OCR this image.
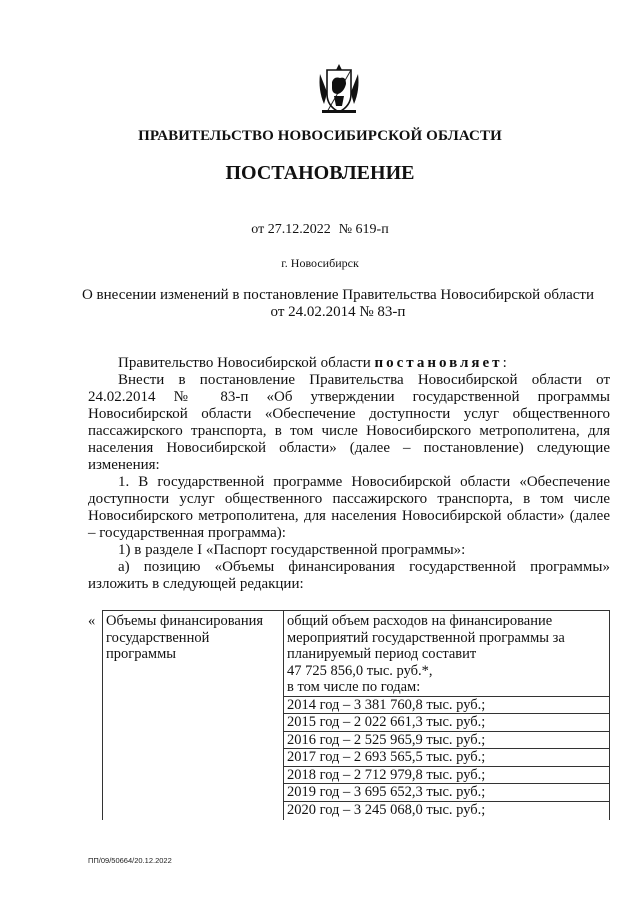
ПРАВИТЕЛЬСТВО НОВОСИБИРСКОЙ ОБЛАСТИ
ПОСТАНОВЛЕНИЕ
от 27.12.2022 № 619-п
г. Новосибирск
О внесении изменений в постановление Правительства Новосибирской области
от 24.02.2014 № 83-п

Правительство Новосибирской области постановляет:

Внести в постановление Правительства Новосибирской области от 24.02.2014 № 83-п «Об утверждении государственной программы Новосибирской области «Обеспечение доступности услуг общественного пассажирского транспорта, в том числе Новосибирского метрополитена, для населения Новосибирской области» (далее – постановление) следующие изменения:

1. В государственной программе Новосибирской области «Обеспечение доступности услуг общественного пассажирского транспорта, в том числе Новосибирского метрополитена, для населения Новосибирской области» (далее – государственная программа):

1) в разделе I «Паспорт государственной программы»:

а) позицию «Объемы финансирования государственной программы» изложить в следующей редакции:

«	Объемы финансирования государственной программы	общий объем расходов на финансирование мероприятий государственной программы за планируемый период составит
47 725 856,0 тыс. руб.*,
в том числе по годам:
2014 год – 3 381 760,8 тыс. руб.;
2015 год – 2 022 661,3 тыс. руб.;
2016 год – 2 525 965,9 тыс. руб.;
2017 год – 2 693 565,5 тыс. руб.;
2018 год – 2 712 979,8 тыс. руб.;
2019 год – 3 695 652,3 тыс. руб.;
2020 год – 3 245 068,0 тыс. руб.;
ПП/09/50664/20.12.2022
